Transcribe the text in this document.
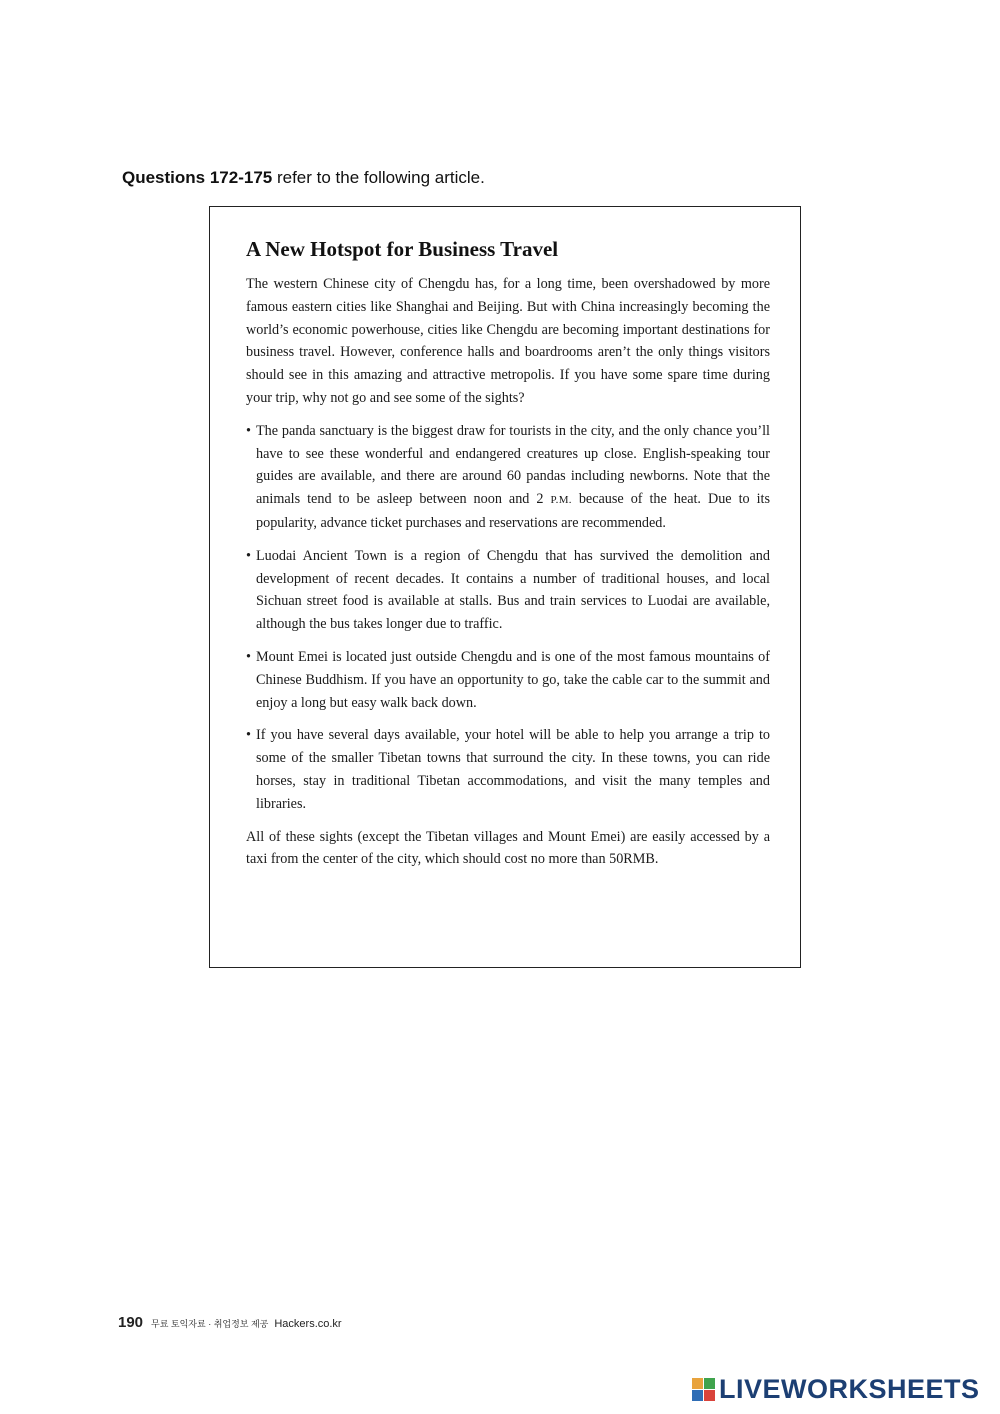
Questions 172-175 refer to the following article.
A New Hotspot for Business Travel

The western Chinese city of Chengdu has, for a long time, been overshadowed by more famous eastern cities like Shanghai and Beijing. But with China increasingly becoming the world’s economic powerhouse, cities like Chengdu are becoming important destinations for business travel. However, conference halls and boardrooms aren’t the only things visitors should see in this amazing and attractive metropolis. If you have some spare time during your trip, why not go and see some of the sights?

• The panda sanctuary is the biggest draw for tourists in the city, and the only chance you’ll have to see these wonderful and endangered creatures up close. English-speaking tour guides are available, and there are around 60 pandas including newborns. Note that the animals tend to be asleep between noon and 2 P.M. because of the heat. Due to its popularity, advance ticket purchases and reservations are recommended.
• Luodai Ancient Town is a region of Chengdu that has survived the demolition and development of recent decades. It contains a number of traditional houses, and local Sichuan street food is available at stalls. Bus and train services to Luodai are available, although the bus takes longer due to traffic.
• Mount Emei is located just outside Chengdu and is one of the most famous mountains of Chinese Buddhism. If you have an opportunity to go, take the cable car to the summit and enjoy a long but easy walk back down.
• If you have several days available, your hotel will be able to help you arrange a trip to some of the smaller Tibetan towns that surround the city. In these towns, you can ride horses, stay in traditional Tibetan accommodations, and visit the many temples and libraries.

All of these sights (except the Tibetan villages and Mount Emei) are easily accessed by a taxi from the center of the city, which should cost no more than 50RMB.

190 무료 토익자료 · 취업정보 제공 Hackers.co.kr
LIVEWORKSHEETS
